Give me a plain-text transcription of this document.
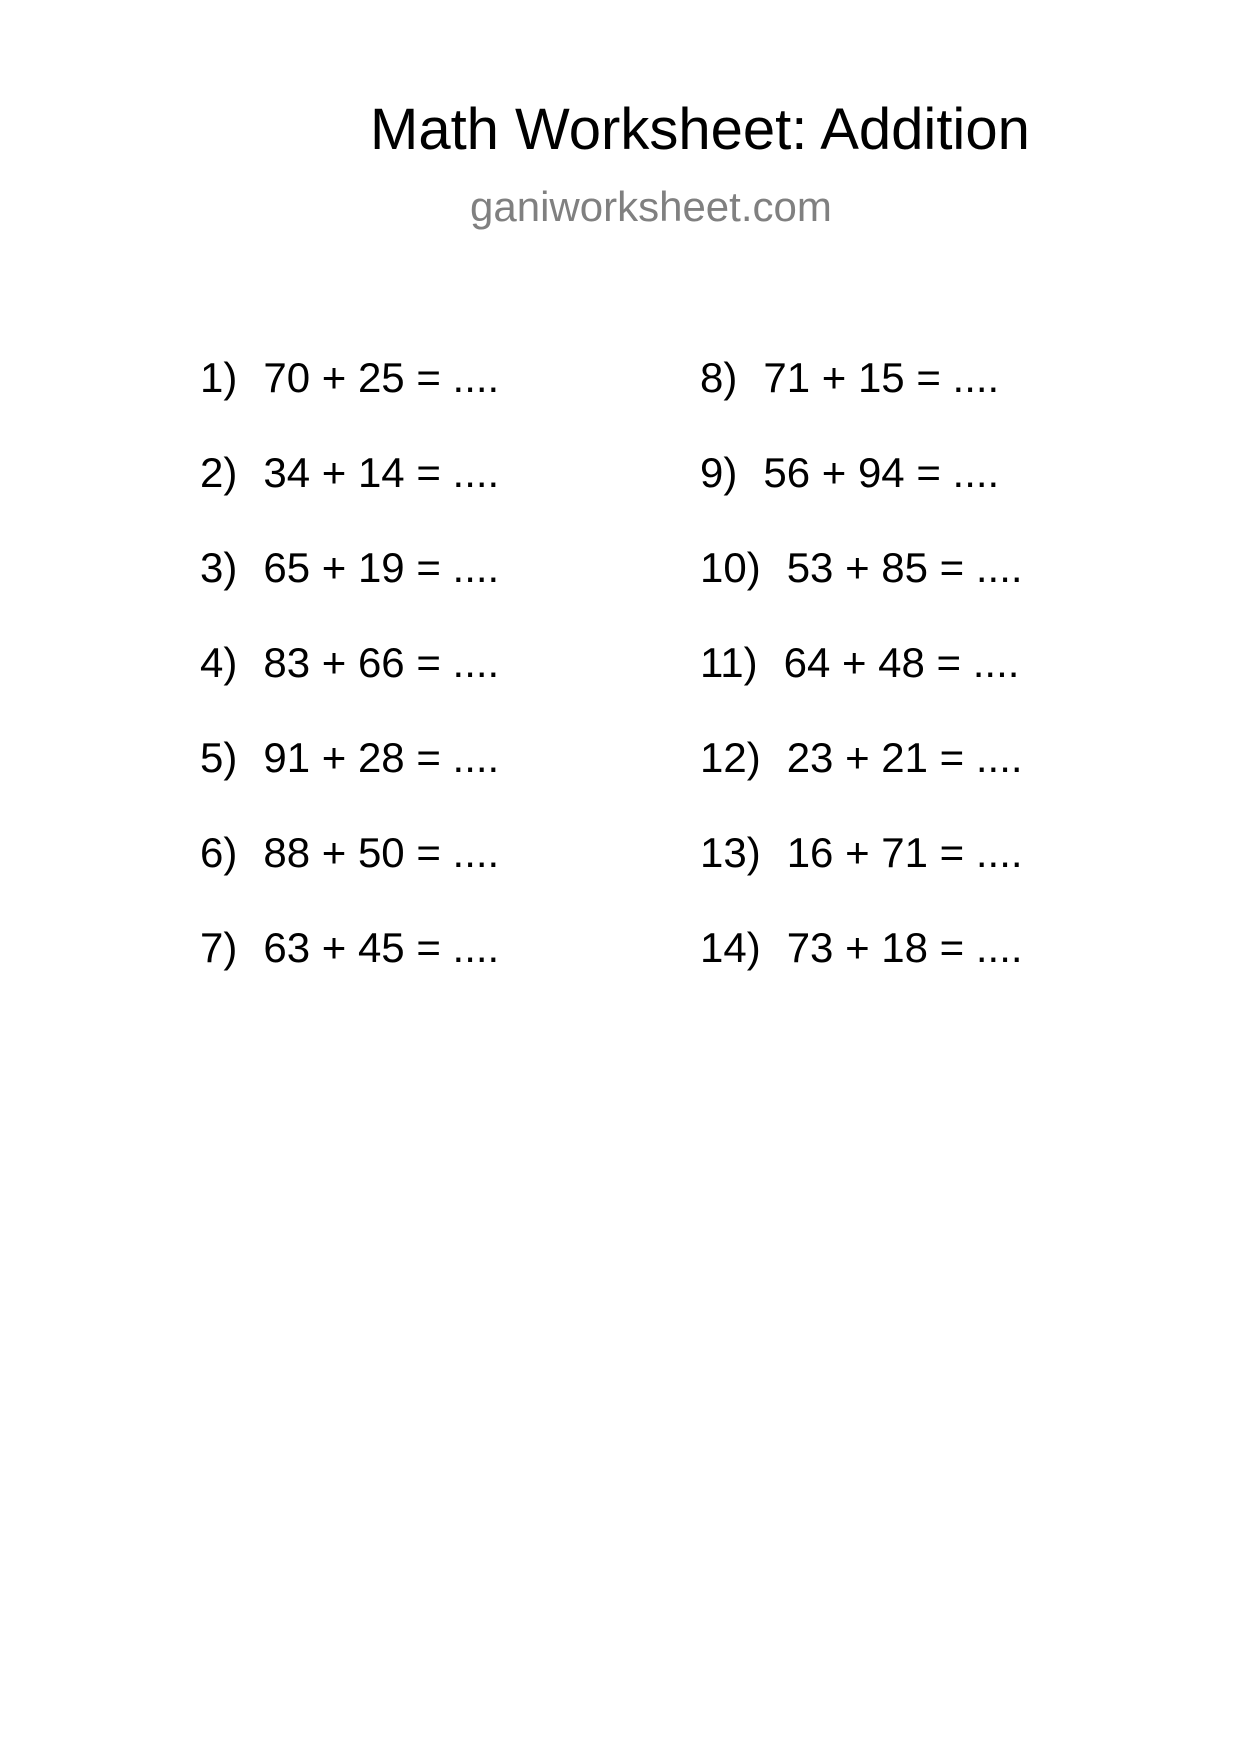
Math Worksheet: Addition
ganiworksheet.com
1) 70 + 25 = ....
2) 34 + 14 = ....
3) 65 + 19 = ....
4) 83 + 66 = ....
5) 91 + 28 = ....
6) 88 + 50 = ....
7) 63 + 45 = ....
8) 71 + 15 = ....
9) 56 + 94 = ....
10) 53 + 85 = ....
11) 64 + 48 = ....
12) 23 + 21 = ....
13) 16 + 71 = ....
14) 73 + 18 = ....
